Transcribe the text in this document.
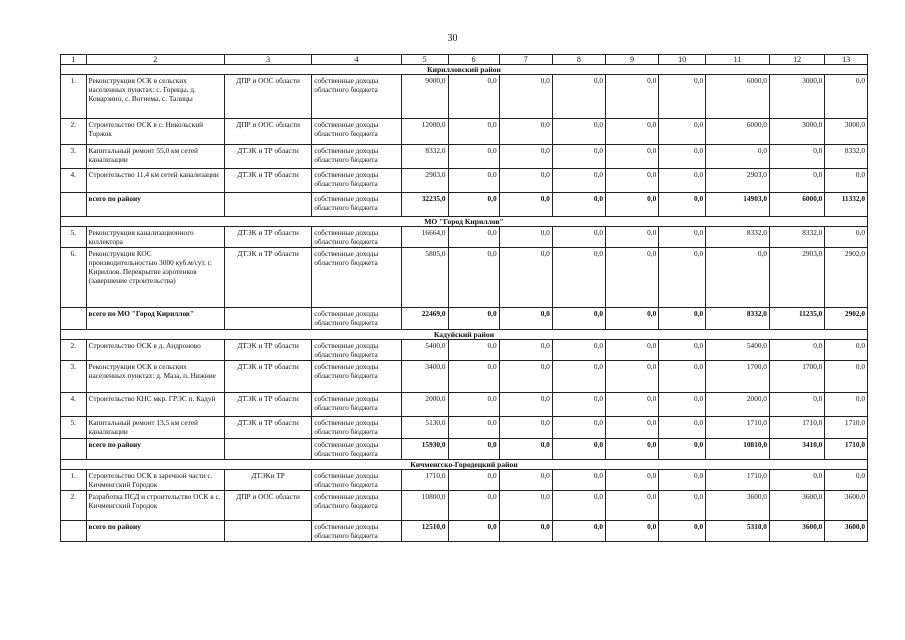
30
1	2	3	4	5	6	7	8	9	10	11	12	13
Кирилловский район												
1.	Реконструкция ОСК в сельских населенных пунктах: с. Горицы, д. Коварзино, с. Вогнема, с. Талицы	ДПР и ООС области	собственные доходы областного бюджета	9000,0	0,0	0,0	0,0	0,0	0,0	6000,0	3000,0	0,0
2.	Строительство ОСК в с. Никольский Торжок	ДПР и ООС области	собственные доходы областного бюджета	12000,0	0,0	0,0	0,0	0,0	0,0	6000,0	3000,0	3000,0
3.	Капитальный ремонт 55,0 км сетей канализации	ДТЭК и ТР области	собственные доходы областного бюджета	8332,0	0,0	0,0	0,0	0,0	0,0	0,0	0,0	8332,0
4.	Строительство 11,4 км сетей канализации	ДТЭК и ТР области	собственные доходы областного бюджета	2903,0	0,0	0,0	0,0	0,0	0,0	2903,0	0,0	0,0
	всего по району		собственные доходы областного бюджета	32235,0	0,0	0,0	0,0	0,0	0,0	14903,0	6000,0	11332,0
МО "Город Кириллов"												
5.	Реконструкция канализационного коллектора	ДТЭК и ТР области	собственные доходы областного бюджета	16664,0	0,0	0,0	0,0	0,0	0,0	8332,0	8332,0	0,0
6.	Реконструкция КОС производительностью 3000 куб.м/сут. г. Кириллов. Перекрытие аэротенков (завершение строительства)	ДТЭК и ТР области	собственные доходы областного бюджета	5805,0	0,0	0,0	0,0	0,0	0,0	0,0	2903,0	2902,0
	всего по МО "Город Кириллов"		собственные доходы областного бюджета	22469,0	0,0	0,0	0,0	0,0	0,0	8332,0	11235,0	2902,0
Кадуйский район												
2.	Строительство ОСК в д. Андроново	ДТЭК и ТР области	собственные доходы областного бюджета	5400,0	0,0	0,0	0,0	0,0	0,0	5400,0	0,0	0,0
3.	Реконструкция ОСК в сельских населенных пунктах: д. Маза, п. Нижние	ДТЭК и ТР области	собственные доходы областного бюджета	3400,0	0,0	0,0	0,0	0,0	0,0	1700,0	1700,0	0,0
4.	Строительство КНС мкр. ГРЭС п. Кадуй	ДТЭК и ТР области	собственные доходы областного бюджета	2000,0	0,0	0,0	0,0	0,0	0,0	2000,0	0,0	0,0
5.	Капитальный ремонт 13,5 км сетей канализации	ДТЭК и ТР области	собственные доходы областного бюджета	5130,0	0,0	0,0	0,0	0,0	0,0	1710,0	1710,0	1710,0
	всего по району		собственные доходы областного бюджета	15930,0	0,0	0,0	0,0	0,0	0,0	10810,0	3410,0	1710,0
Кичменгско-Городецкий район												
1.	Строительство ОСК в заречной части с. Кичменгский Городок	ДТЭКи ТР	собственные доходы областного бюджета	1710,0	0,0	0,0	0,0	0,0	0,0	1710,0	0,0	0,0
2.	Разработка ПСД и строительство ОСК в с. Кичменгский Городок	ДПР и ООС области	собственные доходы областного бюджета	10800,0	0,0	0,0	0,0	0,0	0,0	3600,0	3600,0	3600,0
	всего по району		собственные доходы областного бюджета	12510,0	0,0	0,0	0,0	0,0	0,0	5310,0	3600,0	3600,0
